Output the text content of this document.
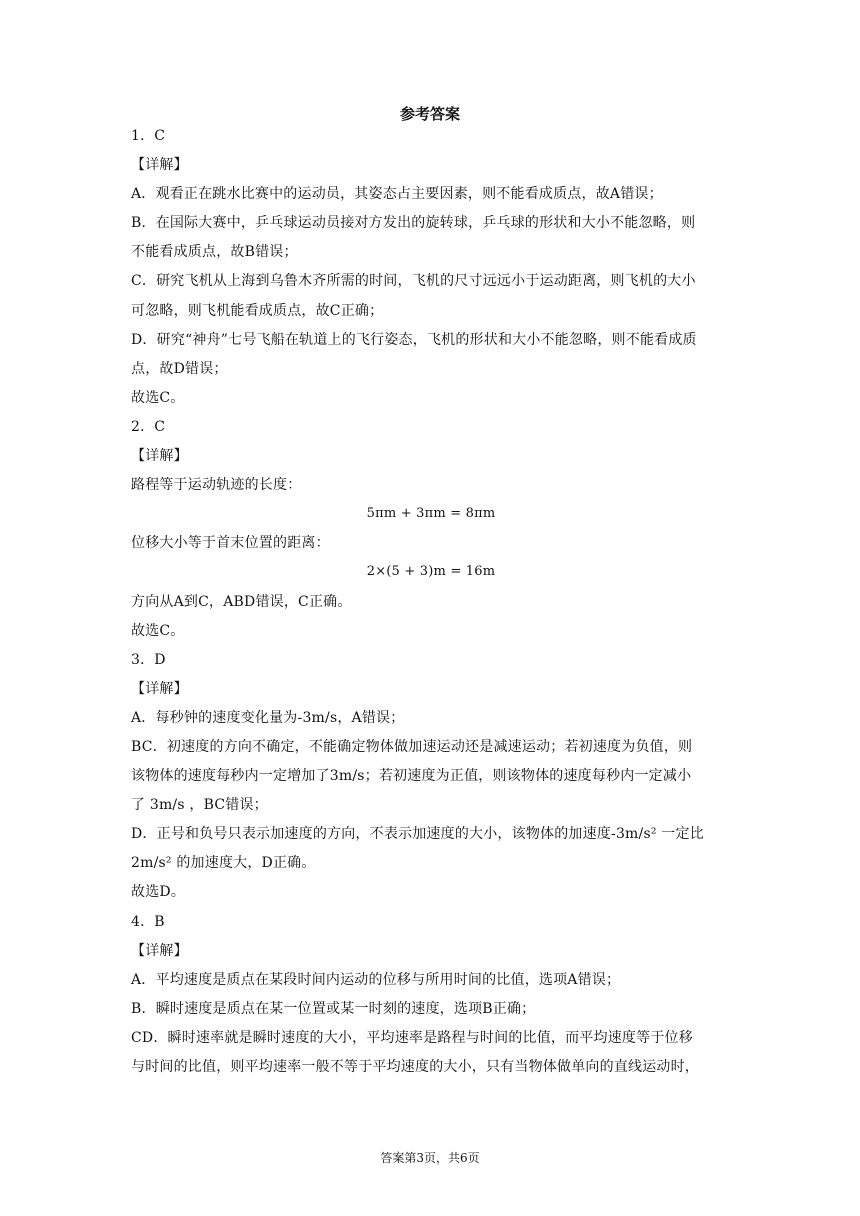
参考答案
1．C
【详解】
A．观看正在跳水比赛中的运动员，其姿态占主要因素，则不能看成质点，故A错误；
B．在国际大赛中，乒乓球运动员接对方发出的旋转球，乒乓球的形状和大小不能忽略，则
不能看成质点，故B错误；
C．研究飞机从上海到乌鲁木齐所需的时间，飞机的尺寸远远小于运动距离，则飞机的大小
可忽略，则飞机能看成质点，故C正确；
D．研究“神舟”七号飞船在轨道上的飞行姿态，飞机的形状和大小不能忽略，则不能看成质
点，故D错误；
故选C。
2．C
【详解】
路程等于运动轨迹的长度：
5πm + 3πm = 8πm
位移大小等于首末位置的距离：
2×(5 + 3)m = 16m
方向从A到C，ABD错误，C正确。
故选C。
3．D
【详解】
A．每秒钟的速度变化量为-3m/s，A错误；
BC．初速度的方向不确定，不能确定物体做加速运动还是减速运动；若初速度为负值，则
该物体的速度每秒内一定增加了3m/s；若初速度为正值，则该物体的速度每秒内一定减小
了 3m/s ，BC错误；
D．正号和负号只表示加速度的方向，不表示加速度的大小，该物体的加速度-3m/s² 一定比
2m/s² 的加速度大，D正确。
故选D。
4．B
【详解】
A．平均速度是质点在某段时间内运动的位移与所用时间的比值，选项A错误；
B．瞬时速度是质点在某一位置或某一时刻的速度，选项B正确；
CD．瞬时速率就是瞬时速度的大小，平均速率是路程与时间的比值，而平均速度等于位移
与时间的比值，则平均速率一般不等于平均速度的大小，只有当物体做单向的直线运动时，
答案第3页，共6页
